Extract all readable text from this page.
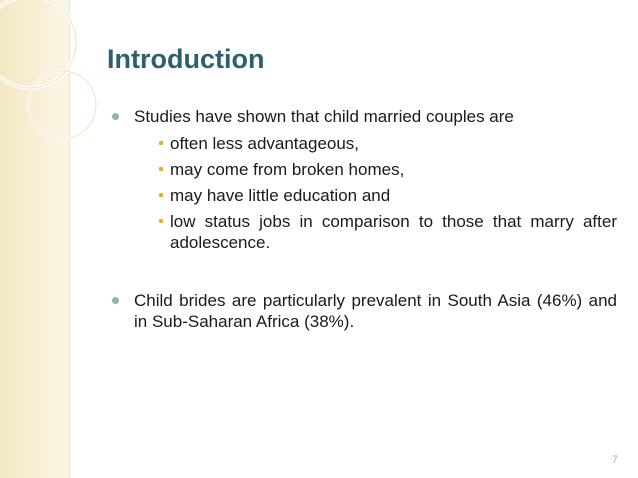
Introduction
Studies have shown that child married couples are
often less advantageous,
may come from broken homes,
may have little education and
low status jobs in comparison to those that marry after adolescence.
Child brides are particularly prevalent in South Asia (46%) and in Sub-Saharan Africa (38%).
7
